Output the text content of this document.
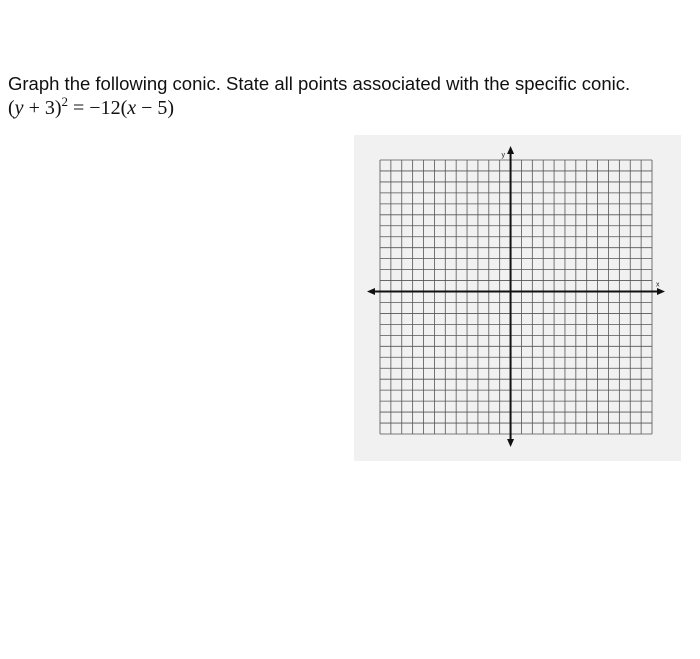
Graph the following conic. State all points associated with the specific conic.
$(y + 3)^2 = -12(x - 5)$
x
y
